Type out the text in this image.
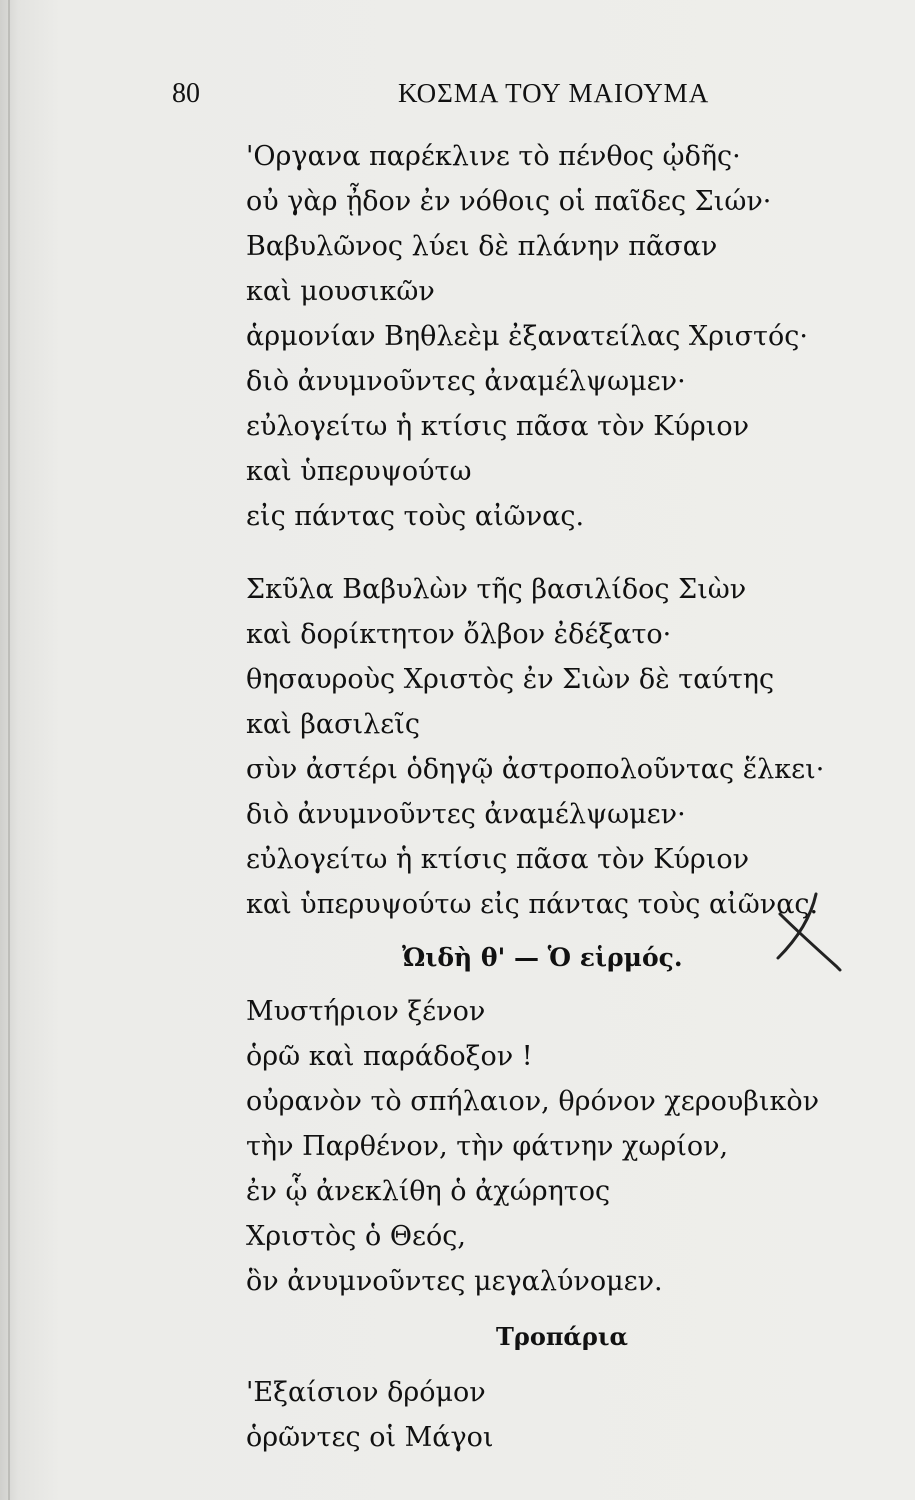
80	ΚΟΣΜΑ ΤΟΥ ΜΑΙΟΥΜΑ
'Οργανα παρέκλινε τὸ πένθος ᾠδῆς·
οὐ γὰρ ᾖδον ἐν νόθοις οἱ παῖδες Σιών·
Βαβυλῶνος λύει δὲ πλάνην πᾶσαν
καὶ μουσικῶν
ἁρμονίαν Βηθλεὲμ ἐξανατείλας Χριστός·
διὸ ἀνυμνοῦντες ἀναμέλψωμεν·
εὐλογείτω ἡ κτίσις πᾶσα τὸν Κύριον
καὶ ὑπερυψούτω
εἰς πάντας τοὺς αἰῶνας.
Σκῦλα Βαβυλὼν τῆς βασιλίδος Σιὼν
καὶ δορίκτητον ὄλβον ἐδέξατο·
θησαυροὺς Χριστὸς ἐν Σιὼν δὲ ταύτης
καὶ βασιλεῖς
σὺν ἀστέρι ὁδηγῷ ἀστροπολοῦντας ἕλκει·
διὸ ἀνυμνοῦντες ἀναμέλψωμεν·
εὐλογείτω ἡ κτίσις πᾶσα τὸν Κύριον
καὶ ὑπερυψούτω εἰς πάντας τοὺς αἰῶνας.
Ὠιδὴ θ' — Ὁ εἱρμός.
Μυστήριον ξένον
ὁρῶ καὶ παράδοξον !
οὐρανὸν τὸ σπήλαιον, θρόνον χερουβικὸν
τὴν Παρθένον, τὴν φάτνην χωρίον,
ἐν ᾧ ἀνεκλίθη ὁ ἀχώρητος
Χριστὸς ὁ Θεός,
ὃν ἀνυμνοῦντες μεγαλύνομεν.
Τροπάρια
'Εξαίσιον δρόμον
ὁρῶντες οἱ Μάγοι
